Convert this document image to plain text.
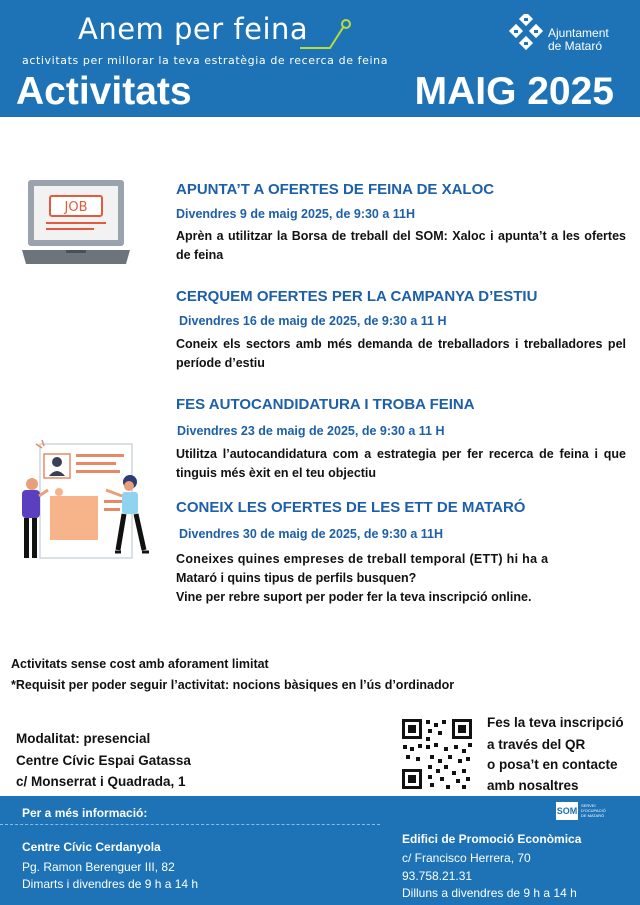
Anem per feina
activitats per millorar la teva estratègia de recerca de feina
Activitats	MAIG 2025
Ajuntament
de Mataró
JOB
APUNTA’T A OFERTES DE FEINA DE XALOC
Divendres 9 de maig 2025, de 9:30 a 11H
Aprèn a utilitzar la Borsa de treball del SOM: Xaloc i apunta’t a les ofertes de feina
CERQUEM OFERTES PER LA CAMPANYA D’ESTIU
Divendres 16 de maig de 2025, de 9:30 a 11 H
Coneix els sectors amb més demanda de treballadors i treballadores pel període d’estiu
FES AUTOCANDIDATURA I TROBA FEINA
Divendres 23 de maig de 2025, de 9:30 a 11 H
Utilitza l’autocandidatura com a estrategia per fer recerca de feina i que tinguis més èxit en el teu objectiu
CONEIX LES OFERTES DE LES ETT DE MATARÓ
Divendres 30 de maig de 2025, de 9:30 a 11H
Coneixes quines empreses de treball temporal (ETT) hi ha a
Mataró i quins tipus de perfils busquen?
Vine per rebre suport per poder fer la teva inscripció online.
Activitats sense cost amb aforament limitat
*Requisit per poder seguir l’activitat: nocions bàsiques en l’ús d’ordinador
Modalitat: presencial
Centre Cívic Espai Gatassa
c/ Monserrat i Quadrada, 1
Fes la teva inscripció
a través del QR
o posa’t en contacte
amb nosaltres
Per a més informació:
Centre Cívic Cerdanyola
Pg. Ramon Berenguer III, 82
Dimarts i divendres de 9 h a 14 h
Edifici de Promoció Econòmica
c/ Francisco Herrera, 70
93.758.21.31
Dilluns a divendres de 9 h a 14 h
SOM
SERVEI
D'OCUPACIÓ
DE MATARÓ
